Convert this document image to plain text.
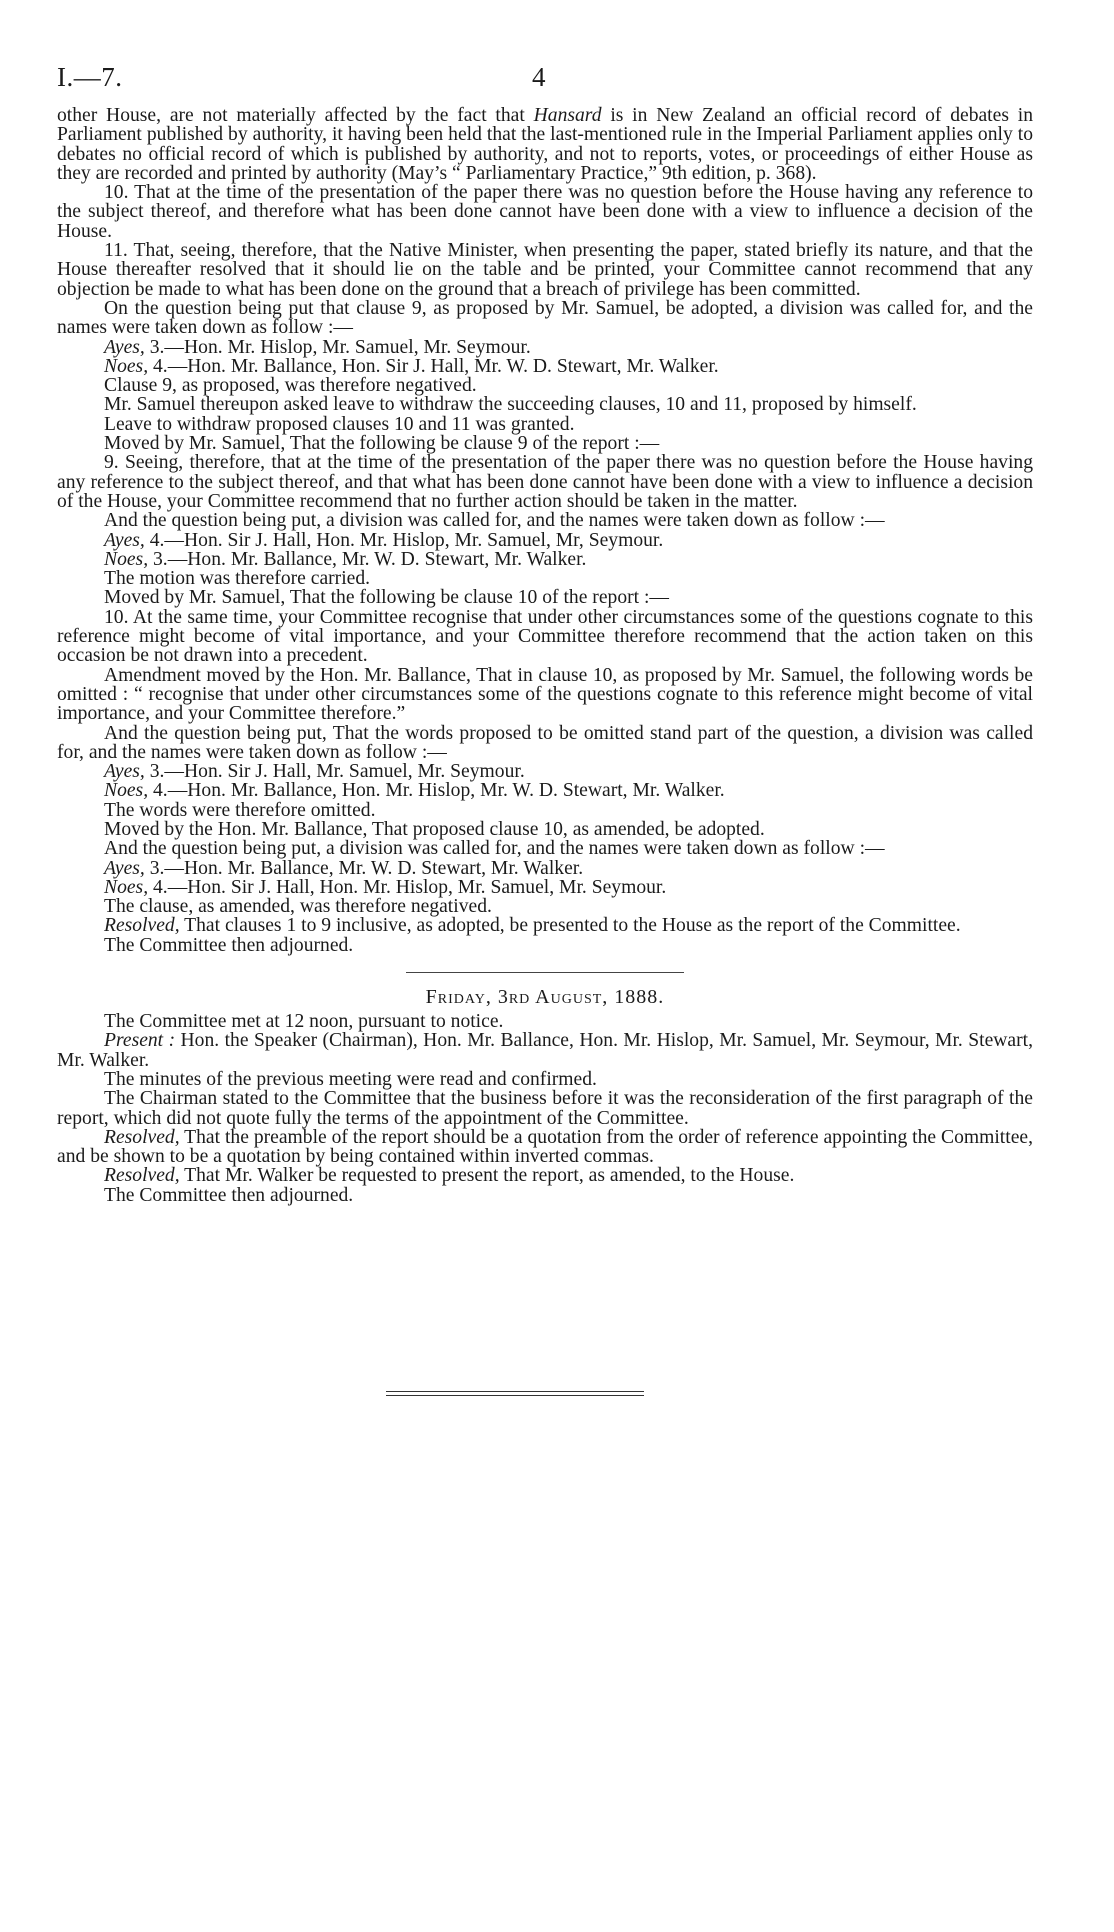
I.—7.	4

other House, are not materially affected by the fact that Hansard is in New Zealand an official record of debates in Parliament published by authority, it having been held that the last-mentioned rule in the Imperial Parliament applies only to debates no official record of which is published by authority, and not to reports, votes, or proceedings of either House as they are recorded and printed by authority (May’s “ Parliamentary Practice,” 9th edition, p. 368).

10. That at the time of the presentation of the paper there was no question before the House having any reference to the subject thereof, and therefore what has been done cannot have been done with a view to influence a decision of the House.

11. That, seeing, therefore, that the Native Minister, when presenting the paper, stated briefly its nature, and that the House thereafter resolved that it should lie on the table and be printed, your Committee cannot recommend that any objection be made to what has been done on the ground that a breach of privilege has been committed.

On the question being put that clause 9, as proposed by Mr. Samuel, be adopted, a division was called for, and the names were taken down as follow :—

Ayes, 3.—Hon. Mr. Hislop, Mr. Samuel, Mr. Seymour.

Noes, 4.—Hon. Mr. Ballance, Hon. Sir J. Hall, Mr. W. D. Stewart, Mr. Walker.

Clause 9, as proposed, was therefore negatived.

Mr. Samuel thereupon asked leave to withdraw the succeeding clauses, 10 and 11, proposed by himself.

Leave to withdraw proposed clauses 10 and 11 was granted.

Moved by Mr. Samuel, That the following be clause 9 of the report :—

9. Seeing, therefore, that at the time of the presentation of the paper there was no question before the House having any reference to the subject thereof, and that what has been done cannot have been done with a view to influence a decision of the House, your Committee recommend that no further action should be taken in the matter.

And the question being put, a division was called for, and the names were taken down as follow :—

Ayes, 4.—Hon. Sir J. Hall, Hon. Mr. Hislop, Mr. Samuel, Mr, Seymour.

Noes, 3.—Hon. Mr. Ballance, Mr. W. D. Stewart, Mr. Walker.

The motion was therefore carried.

Moved by Mr. Samuel, That the following be clause 10 of the report :—

10. At the same time, your Committee recognise that under other circumstances some of the questions cognate to this reference might become of vital importance, and your Committee therefore recommend that the action taken on this occasion be not drawn into a precedent.

Amendment moved by the Hon. Mr. Ballance, That in clause 10, as proposed by Mr. Samuel, the following words be omitted : “ recognise that under other circumstances some of the questions cognate to this reference might become of vital importance, and your Committee therefore.”

And the question being put, That the words proposed to be omitted stand part of the question, a division was called for, and the names were taken down as follow :—

Ayes, 3.—Hon. Sir J. Hall, Mr. Samuel, Mr. Seymour.

Noes, 4.—Hon. Mr. Ballance, Hon. Mr. Hislop, Mr. W. D. Stewart, Mr. Walker.

The words were therefore omitted.

Moved by the Hon. Mr. Ballance, That proposed clause 10, as amended, be adopted.

And the question being put, a division was called for, and the names were taken down as follow :—

Ayes, 3.—Hon. Mr. Ballance, Mr. W. D. Stewart, Mr. Walker.

Noes, 4.—Hon. Sir J. Hall, Hon. Mr. Hislop, Mr. Samuel, Mr. Seymour.

The clause, as amended, was therefore negatived.

Resolved, That clauses 1 to 9 inclusive, as adopted, be presented to the House as the report of the Committee.

The Committee then adjourned.

Friday, 3rd August, 1888.

The Committee met at 12 noon, pursuant to notice.

Present : Hon. the Speaker (Chairman), Hon. Mr. Ballance, Hon. Mr. Hislop, Mr. Samuel, Mr. Seymour, Mr. Stewart, Mr. Walker.

The minutes of the previous meeting were read and confirmed.

The Chairman stated to the Committee that the business before it was the reconsideration of the first paragraph of the report, which did not quote fully the terms of the appointment of the Committee.

Resolved, That the preamble of the report should be a quotation from the order of reference appointing the Committee, and be shown to be a quotation by being contained within inverted commas.

Resolved, That Mr. Walker be requested to present the report, as amended, to the House.

The Committee then adjourned.
